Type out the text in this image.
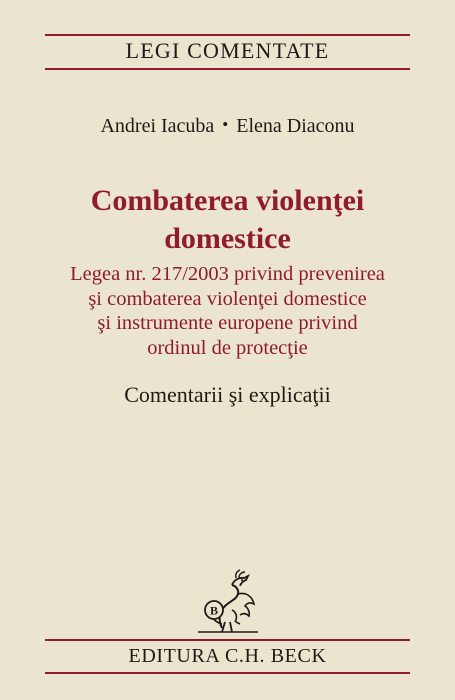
LEGI COMENTATE
Andrei Iacuba • Elena Diaconu
Combaterea violenţei
domestice
Legea nr. 217/2003 privind prevenirea
şi combaterea violenţei domestice
şi instrumente europene privind
ordinul de protecţie
Comentarii şi explicaţii
B
EDITURA C.H. BECK
